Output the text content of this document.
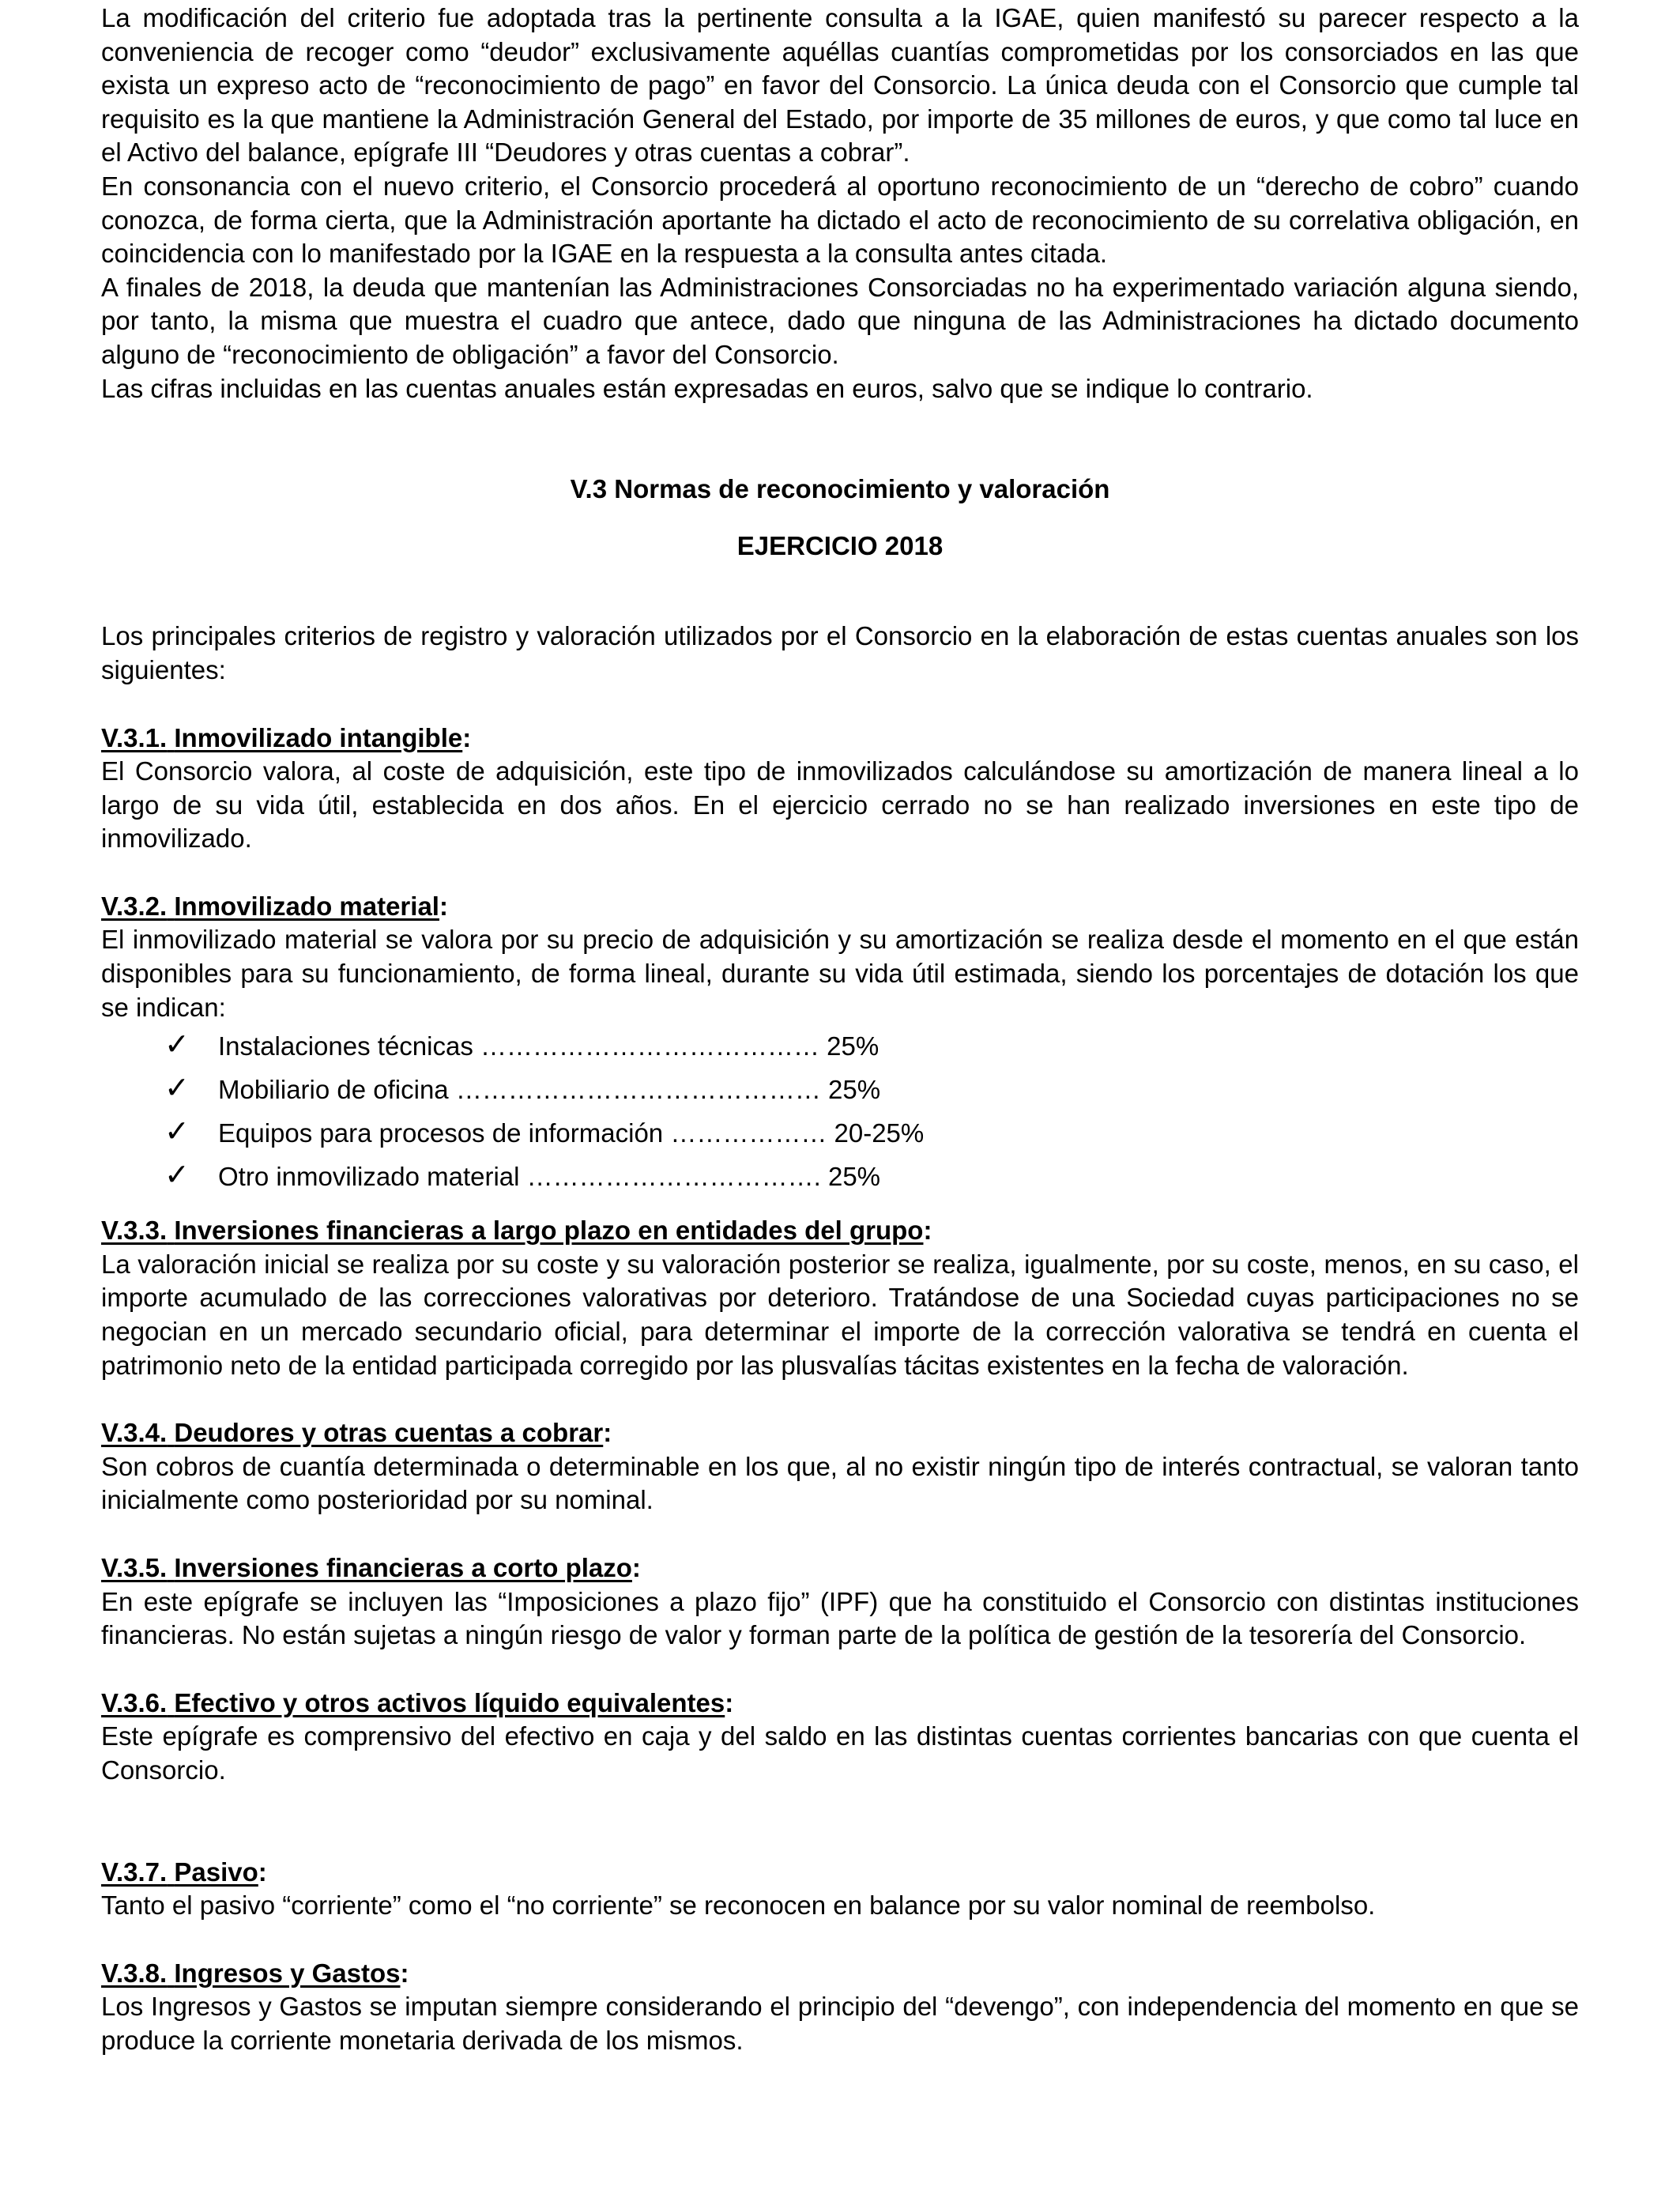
La modificación del criterio fue adoptada tras la pertinente consulta a la IGAE, quien manifestó su parecer respecto a la conveniencia de recoger como “deudor” exclusivamente aquéllas cuantías comprometidas por los consorciados en las que exista un expreso acto de “reconocimiento de pago” en favor del Consorcio. La única deuda con el Consorcio que cumple tal requisito es la que mantiene la Administración General del Estado, por importe de 35 millones de euros, y que como tal luce en el Activo del balance, epígrafe III “Deudores y otras cuentas a cobrar”.

En consonancia con el nuevo criterio, el Consorcio procederá al oportuno reconocimiento de un “derecho de cobro” cuando conozca, de forma cierta, que la Administración aportante ha dictado el acto de reconocimiento de su correlativa obligación, en coincidencia con lo manifestado por la IGAE en la respuesta a la consulta antes citada.

A finales de 2018, la deuda que mantenían las Administraciones Consorciadas no ha experimentado variación alguna siendo, por tanto, la misma que muestra el cuadro que antece, dado que ninguna de las Administraciones ha dictado documento alguno de “reconocimiento de obligación” a favor del Consorcio.

Las cifras incluidas en las cuentas anuales están expresadas en euros, salvo que se indique lo contrario.

V.3 Normas de reconocimiento y valoración
EJERCICIO 2018

Los principales criterios de registro y valoración utilizados por el Consorcio en la elaboración de estas cuentas anuales son los siguientes:

V.3.1. Inmovilizado intangible:

El Consorcio valora, al coste de adquisición, este tipo de inmovilizados calculándose su amortización de manera lineal a lo largo de su vida útil, establecida en dos años. En el ejercicio cerrado no se han realizado inversiones en este tipo de inmovilizado.

V.3.2. Inmovilizado material:

El inmovilizado material se valora por su precio de adquisición y su amortización se realiza desde el momento en el que están disponibles para su funcionamiento, de forma lineal, durante su vida útil estimada, siendo los porcentajes de dotación los que se indican:

✓ Instalaciones técnicas ………………………………… 25%
✓ Mobiliario de oficina …………………………………… 25%
✓ Equipos para procesos de información ……………… 20-25%
✓ Otro inmovilizado material ……………………………. 25%
V.3.3. Inversiones financieras a largo plazo en entidades del grupo:

La valoración inicial se realiza por su coste y su valoración posterior se realiza, igualmente, por su coste, menos, en su caso, el importe acumulado de las correcciones valorativas por deterioro. Tratándose de una Sociedad cuyas participaciones no se negocian en un mercado secundario oficial, para determinar el importe de la corrección valorativa se tendrá en cuenta el patrimonio neto de la entidad participada corregido por las plusvalías tácitas existentes en la fecha de valoración.

V.3.4. Deudores y otras cuentas a cobrar:

Son cobros de cuantía determinada o determinable en los que, al no existir ningún tipo de interés contractual, se valoran tanto inicialmente como posterioridad por su nominal.

V.3.5. Inversiones financieras a corto plazo:

En este epígrafe se incluyen las “Imposiciones a plazo fijo” (IPF) que ha constituido el Consorcio con distintas instituciones financieras. No están sujetas a ningún riesgo de valor y forman parte de la política de gestión de la tesorería del Consorcio.

V.3.6. Efectivo y otros activos líquido equivalentes:

Este epígrafe es comprensivo del efectivo en caja y del saldo en las distintas cuentas corrientes bancarias con que cuenta el Consorcio.

V.3.7. Pasivo:

Tanto el pasivo “corriente” como el “no corriente” se reconocen en balance por su valor nominal de reembolso.

V.3.8. Ingresos y Gastos:

Los Ingresos y Gastos se imputan siempre considerando el principio del “devengo”, con independencia del momento en que se produce la corriente monetaria derivada de los mismos.
